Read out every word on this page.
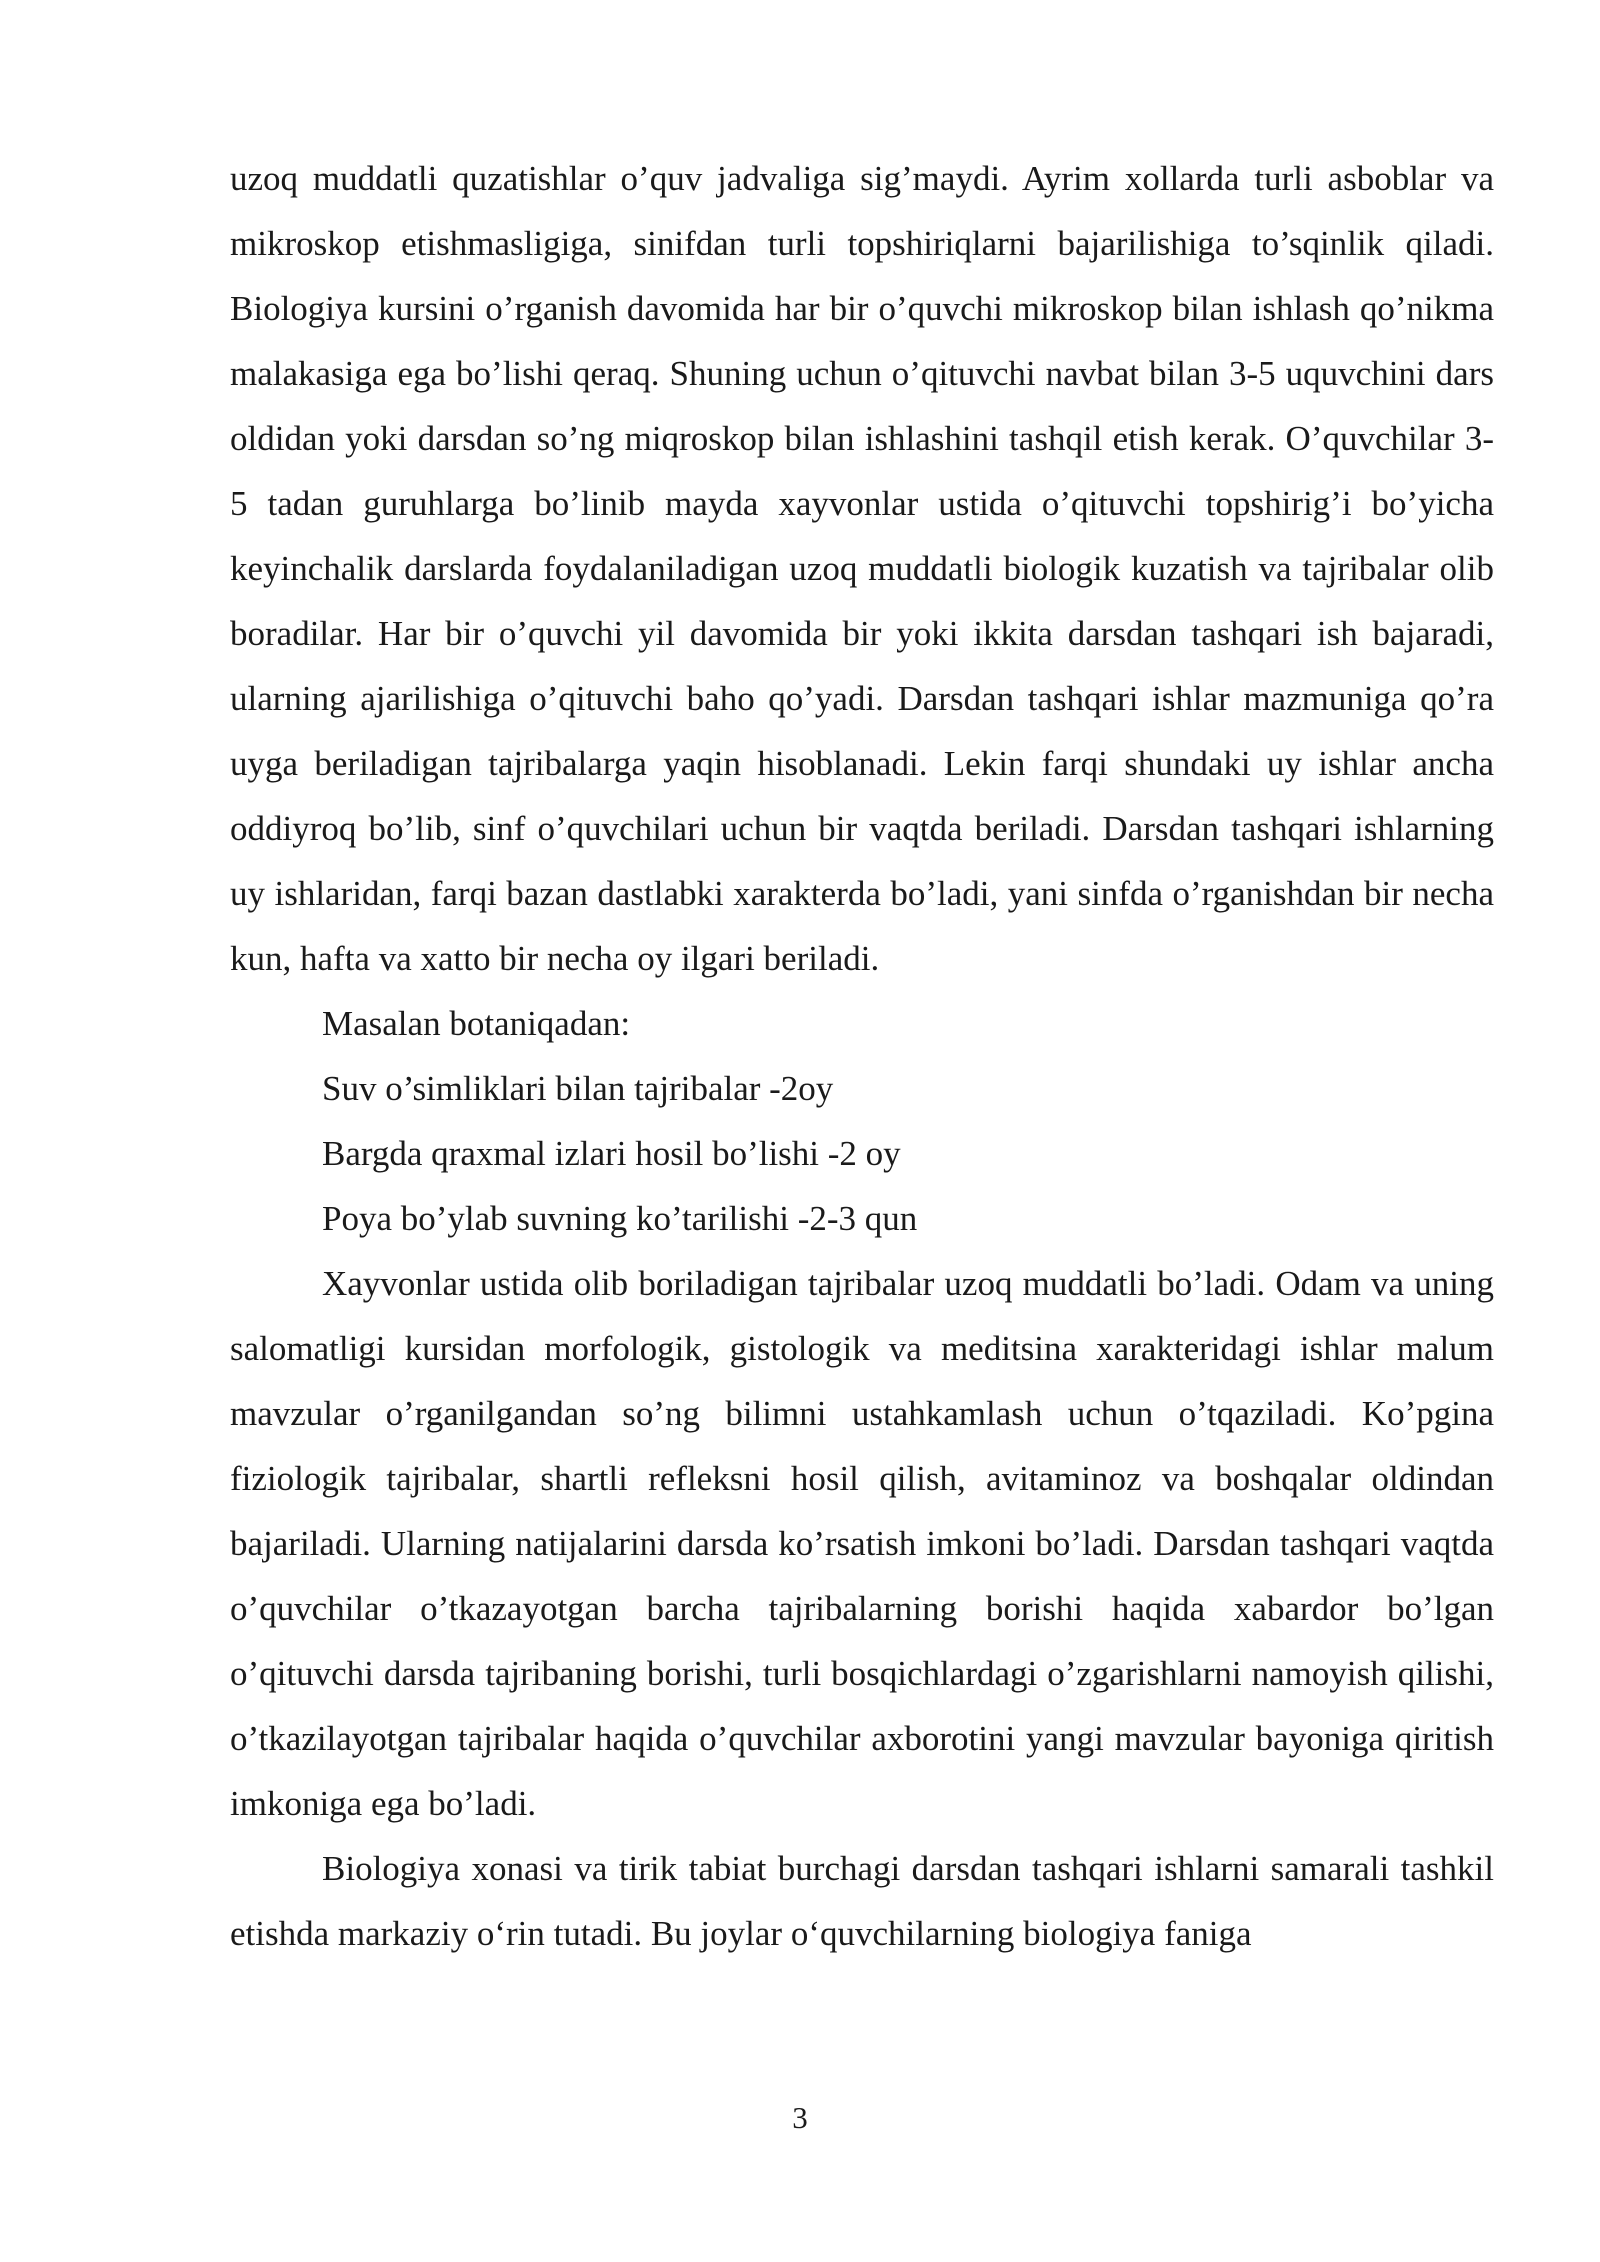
uzoq muddatli quzatishlar o’quv jadvaliga sig’maydi. Ayrim xollarda turli asboblar va mikroskop etishmasligiga, sinifdan turli topshiriqlarni bajarilishiga to’sqinlik qiladi. Biologiya kursini o’rganish davomida har bir o’quvchi mikroskop bilan ishlash qo’nikma malakasiga ega bo’lishi qeraq. Shuning uchun o’qituvchi navbat bilan 3-5 uquvchini dars oldidan yoki darsdan so’ng miqroskop bilan ishlashini tashqil etish kerak. O’quvchilar 3-5 tadan guruhlarga bo’linib mayda xayvonlar ustida o’qituvchi topshirig’i bo’yicha keyinchalik darslarda foydalaniladigan uzoq muddatli biologik kuzatish va tajribalar olib boradilar. Har bir o’quvchi yil davomida bir yoki ikkita darsdan tashqari ish bajaradi, ularning ajarilishiga o’qituvchi baho qo’yadi. Darsdan tashqari ishlar mazmuniga qo’ra uyga beriladigan tajribalarga yaqin hisoblanadi. Lekin farqi shundaki uy ishlar ancha oddiyroq bo’lib, sinf o’quvchilari uchun bir vaqtda beriladi. Darsdan tashqari ishlarning uy ishlaridan, farqi bazan dastlabki xarakterda bo’ladi, yani sinfda o’rganishdan bir necha kun, hafta va xatto bir necha oy ilgari beriladi.

Masalan botaniqadan:

Suv o’simliklari bilan tajribalar -2oy

Bargda qraxmal izlari hosil bo’lishi -2 oy

Poya bo’ylab suvning ko’tarilishi -2-3 qun

Xayvonlar ustida olib boriladigan tajribalar uzoq muddatli bo’ladi. Odam va uning salomatligi kursidan morfologik, gistologik va meditsina xarakteridagi ishlar malum mavzular o’rganilgandan so’ng bilimni ustahkamlash uchun o’tqaziladi. Ko’pgina fiziologik tajribalar, shartli refleksni hosil qilish, avitaminoz va boshqalar oldindan bajariladi. Ularning natijalarini darsda ko’rsatish imkoni bo’ladi. Darsdan tashqari vaqtda o’quvchilar o’tkazayotgan barcha tajribalarning borishi haqida xabardor bo’lgan o’qituvchi darsda tajribaning borishi, turli bosqichlardagi o’zgarishlarni namoyish qilishi, o’tkazilayotgan tajribalar haqida o’quvchilar axborotini yangi mavzular bayoniga qiritish imkoniga ega bo’ladi.

Biologiya xonasi va tirik tabiat burchagi darsdan tashqari ishlarni samarali tashkil etishda markaziy o‘rin tutadi. Bu joylar o‘quvchilarning biologiya faniga

3
